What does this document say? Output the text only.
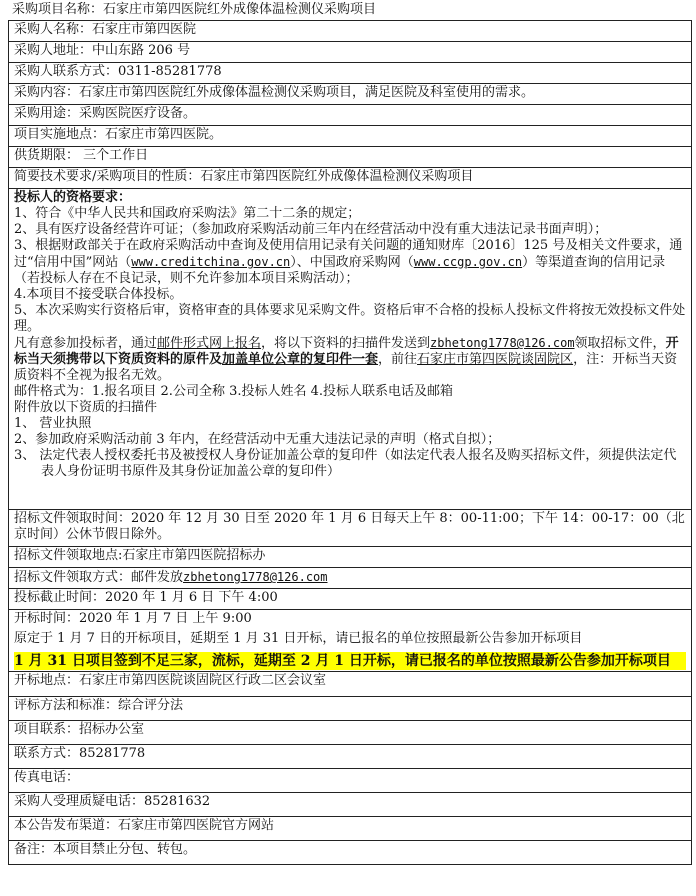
采购项目名称：石家庄市第四医院红外成像体温检测仪采购项目
采购人名称：石家庄市第四医院
采购人地址：中山东路 206 号
采购人联系方式：0311-85281778
采购内容：石家庄市第四医院红外成像体温检测仪采购项目，满足医院及科室使用的需求。
采购用途：采购医院医疗设备。
项目实施地点：石家庄市第四医院。
供货期限： 三个工作日
简要技术要求/采购项目的性质：石家庄市第四医院红外成像体温检测仪采购项目

投标人的资格要求：
1、符合《中华人民共和国政府采购法》第二十二条的规定；
2、具有医疗设备经营许可证；（参加政府采购活动前三年内在经营活动中没有重大违法记录书面声明）；
3、根据财政部关于在政府采购活动中查询及使用信用记录有关问题的通知财库〔2016〕125 号及相关文件要求，通过“信用中国”网站（www.creditchina.gov.cn）、中国政府采购网（www.ccgp.gov.cn）等渠道查询的信用记录（若投标人存在不良记录，则不允许参加本项目采购活动）；
4.本项目不接受联合体投标。
5、本次采购实行资格后审，资格审查的具体要求见采购文件。资格后审不合格的投标人投标文件将按无效投标文件处理。
凡有意参加投标者，通过邮件形式网上报名，将以下资料的扫描件发送到zbhetong1778@126.com领取招标文件，开标当天须携带以下资质资料的原件及加盖单位公章的复印件一套，前往石家庄市第四医院谈固院区，注：开标当天资质资料不全视为报名无效。
邮件格式为：1.报名项目 2.公司全称 3.投标人姓名 4.投标人联系电话及邮箱
附件放以下资质的扫描件
1、 营业执照
2、参加政府采购活动前 3 年内，在经营活动中无重大违法记录的声明（格式自拟）；
3、 法定代表人授权委托书及被授权人身份证加盖公章的复印件（如法定代表人报名及购买招标文件，须提供法定代表人身份证明书原件及其身份证加盖公章的复印件）

招标文件领取时间：2020 年 12 月 30 日至 2020 年 1 月 6 日每天上午 8：00-11:00；下午 14：00-17：00（北京时间）公休节假日除外。
招标文件领取地点:石家庄市第四医院招标办
招标文件领取方式：邮件发放zbhetong1778@126.com
投标截止时间：2020 年 1 月 6 日 下午 4:00

开标时间：2020 年 1 月 7 日 上午 9:00
原定于 1 月 7 日的开标项目，延期至 1 月 31 日开标，请已报名的单位按照最新公告参加开标项目
1 月 31 日项目签到不足三家，流标，延期至 2 月 1 日开标，请已报名的单位按照最新公告参加开标项目

开标地点：石家庄市第四医院谈固院区行政二区会议室
评标方法和标准：综合评分法
项目联系：招标办公室
联系方式：85281778
传真电话：
采购人受理质疑电话：85281632
本公告发布渠道：石家庄市第四医院官方网站
备注：本项目禁止分包、转包。
